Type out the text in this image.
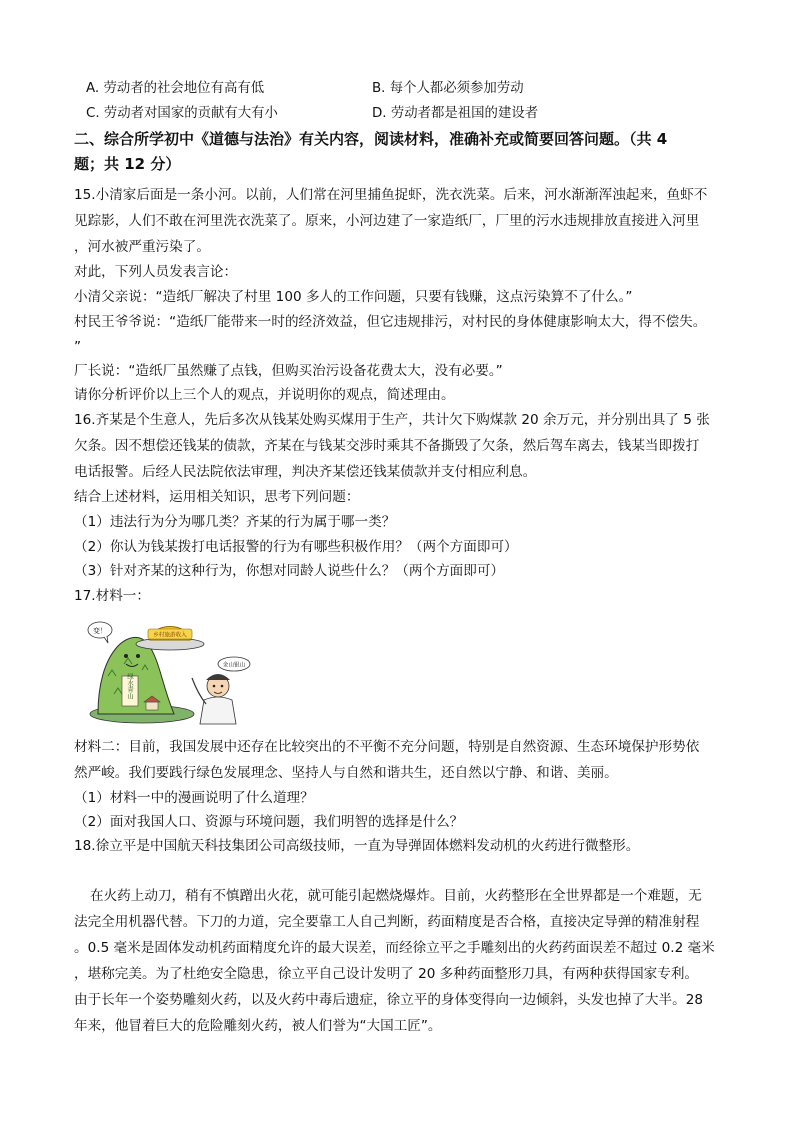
A. 劳动者的社会地位有高有低	B. 每个人都必须参加劳动
C. 劳动者对国家的贡献有大有小	D. 劳动者都是祖国的建设者
二、综合所学初中《道德与法治》有关内容，阅读材料，准确补充或简要回答问题。（共 4
题；共 12 分）
15.小清家后面是一条小河。以前，人们常在河里捕鱼捉虾，洗衣洗菜。后来，河水渐渐浑浊起来，鱼虾不
见踪影，人们不敢在河里洗衣洗菜了。原来，小河边建了一家造纸厂，厂里的污水违规排放直接进入河里
，河水被严重污染了。
对此，下列人员发表言论：
小清父亲说：“造纸厂解决了村里 100 多人的工作问题，只要有钱赚，这点污染算不了什么。”
村民王爷爷说：“造纸厂能带来一时的经济效益，但它违规排污，对村民的身体健康影响太大，得不偿失。
”
厂长说：“造纸厂虽然赚了点钱，但购买治污设备花费太大，没有必要。”
请你分析评价以上三个人的观点，并说明你的观点，简述理由。
16.齐某是个生意人，先后多次从钱某处购买煤用于生产，共计欠下购煤款 20 余万元，并分别出具了 5 张
欠条。因不想偿还钱某的债款，齐某在与钱某交涉时乘其不备撕毁了欠条，然后驾车离去，钱某当即拨打
电话报警。后经人民法院依法审理，判决齐某偿还钱某债款并支付相应利息。
结合上述材料，运用相关知识，思考下列问题：
（1）违法行为分为哪几类？齐某的行为属于哪一类？
（2）你认为钱某拨打电话报警的行为有哪些积极作用？（两个方面即可）
（3）针对齐某的这种行为，你想对同龄人说些什么？（两个方面即可）
17.材料一：
绿水青山
变！
乡村旅游收入
金山银山
材料二：目前，我国发展中还存在比较突出的不平衡不充分问题，特别是自然资源、生态环境保护形势依
然严峻。我们要践行绿色发展理念、坚持人与自然和谐共生，还自然以宁静、和谐、美丽。
（1）材料一中的漫画说明了什么道理？
（2）面对我国人口、资源与环境问题，我们明智的选择是什么？
18.徐立平是中国航天科技集团公司高级技师，一直为导弹固体燃料发动机的火药进行微整形。
在火药上动刀，稍有不慎蹭出火花，就可能引起燃烧爆炸。目前，火药整形在全世界都是一个难题，无
法完全用机器代替。下刀的力道，完全要靠工人自己判断，药面精度是否合格，直接决定导弹的精准射程
。0.5 毫米是固体发动机药面精度允许的最大误差，而经徐立平之手雕刻出的火药药面误差不超过 0.2 毫米
，堪称完美。为了杜绝安全隐患，徐立平自己设计发明了 20 多种药面整形刀具，有两种获得国家专利。
由于长年一个姿势雕刻火药，以及火药中毒后遗症，徐立平的身体变得向一边倾斜，头发也掉了大半。28
年来，他冒着巨大的危险雕刻火药，被人们誉为“大国工匠”。
